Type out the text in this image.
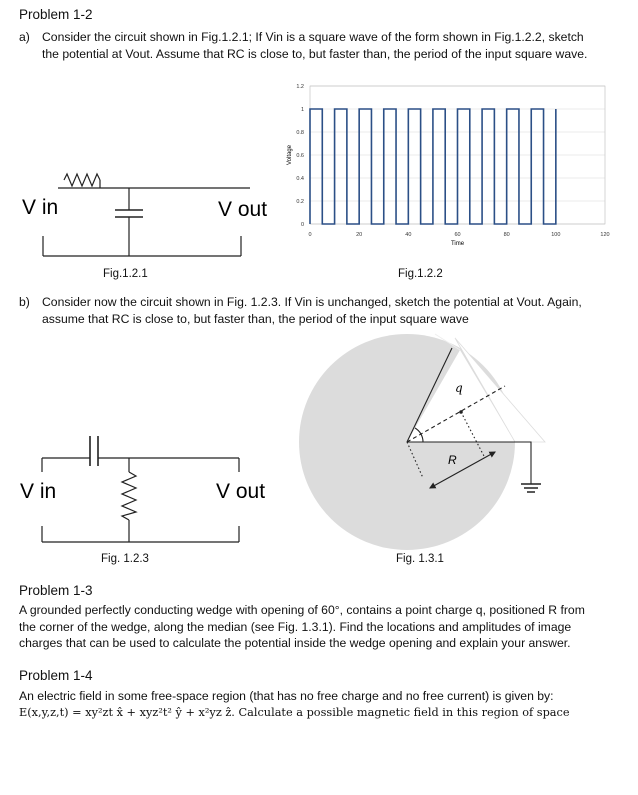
Problem 1-2
a) Consider the circuit shown in Fig.1.2.1; If Vin is a square wave of the form shown in Fig.1.2.2, sketch the potential at Vout. Assume that RC is close to, but faster than, the period of the input square wave.
V in	V out
0
0.2
0.4
0.6
0.8
1
1.2
0	20	40	60	80	100	120
Time
Voltage
Fig.1.2.1	Fig.1.2.2
b) Consider now the circuit shown in Fig. 1.2.3. If Vin is unchanged, sketch the potential at Vout. Again, assume that RC is close to, but faster than, the period of the input square wave
V in	V out
q
R
Fig. 1.2.3	Fig. 1.3.1
Problem 1-3
A grounded perfectly conducting wedge with opening of 60°, contains a point charge q, positioned R from the corner of the wedge, along the median (see Fig. 1.3.1). Find the locations and amplitudes of image charges that can be used to calculate the potential inside the wedge opening and explain your answer.
Problem 1-4
An electric field in some free-space region (that has no free charge and no free current) is given by:
E(x,y,z,t) = xy²zt x̂ + xyz²t² ŷ + x²yz ẑ. Calculate a possible magnetic field in this region of space
